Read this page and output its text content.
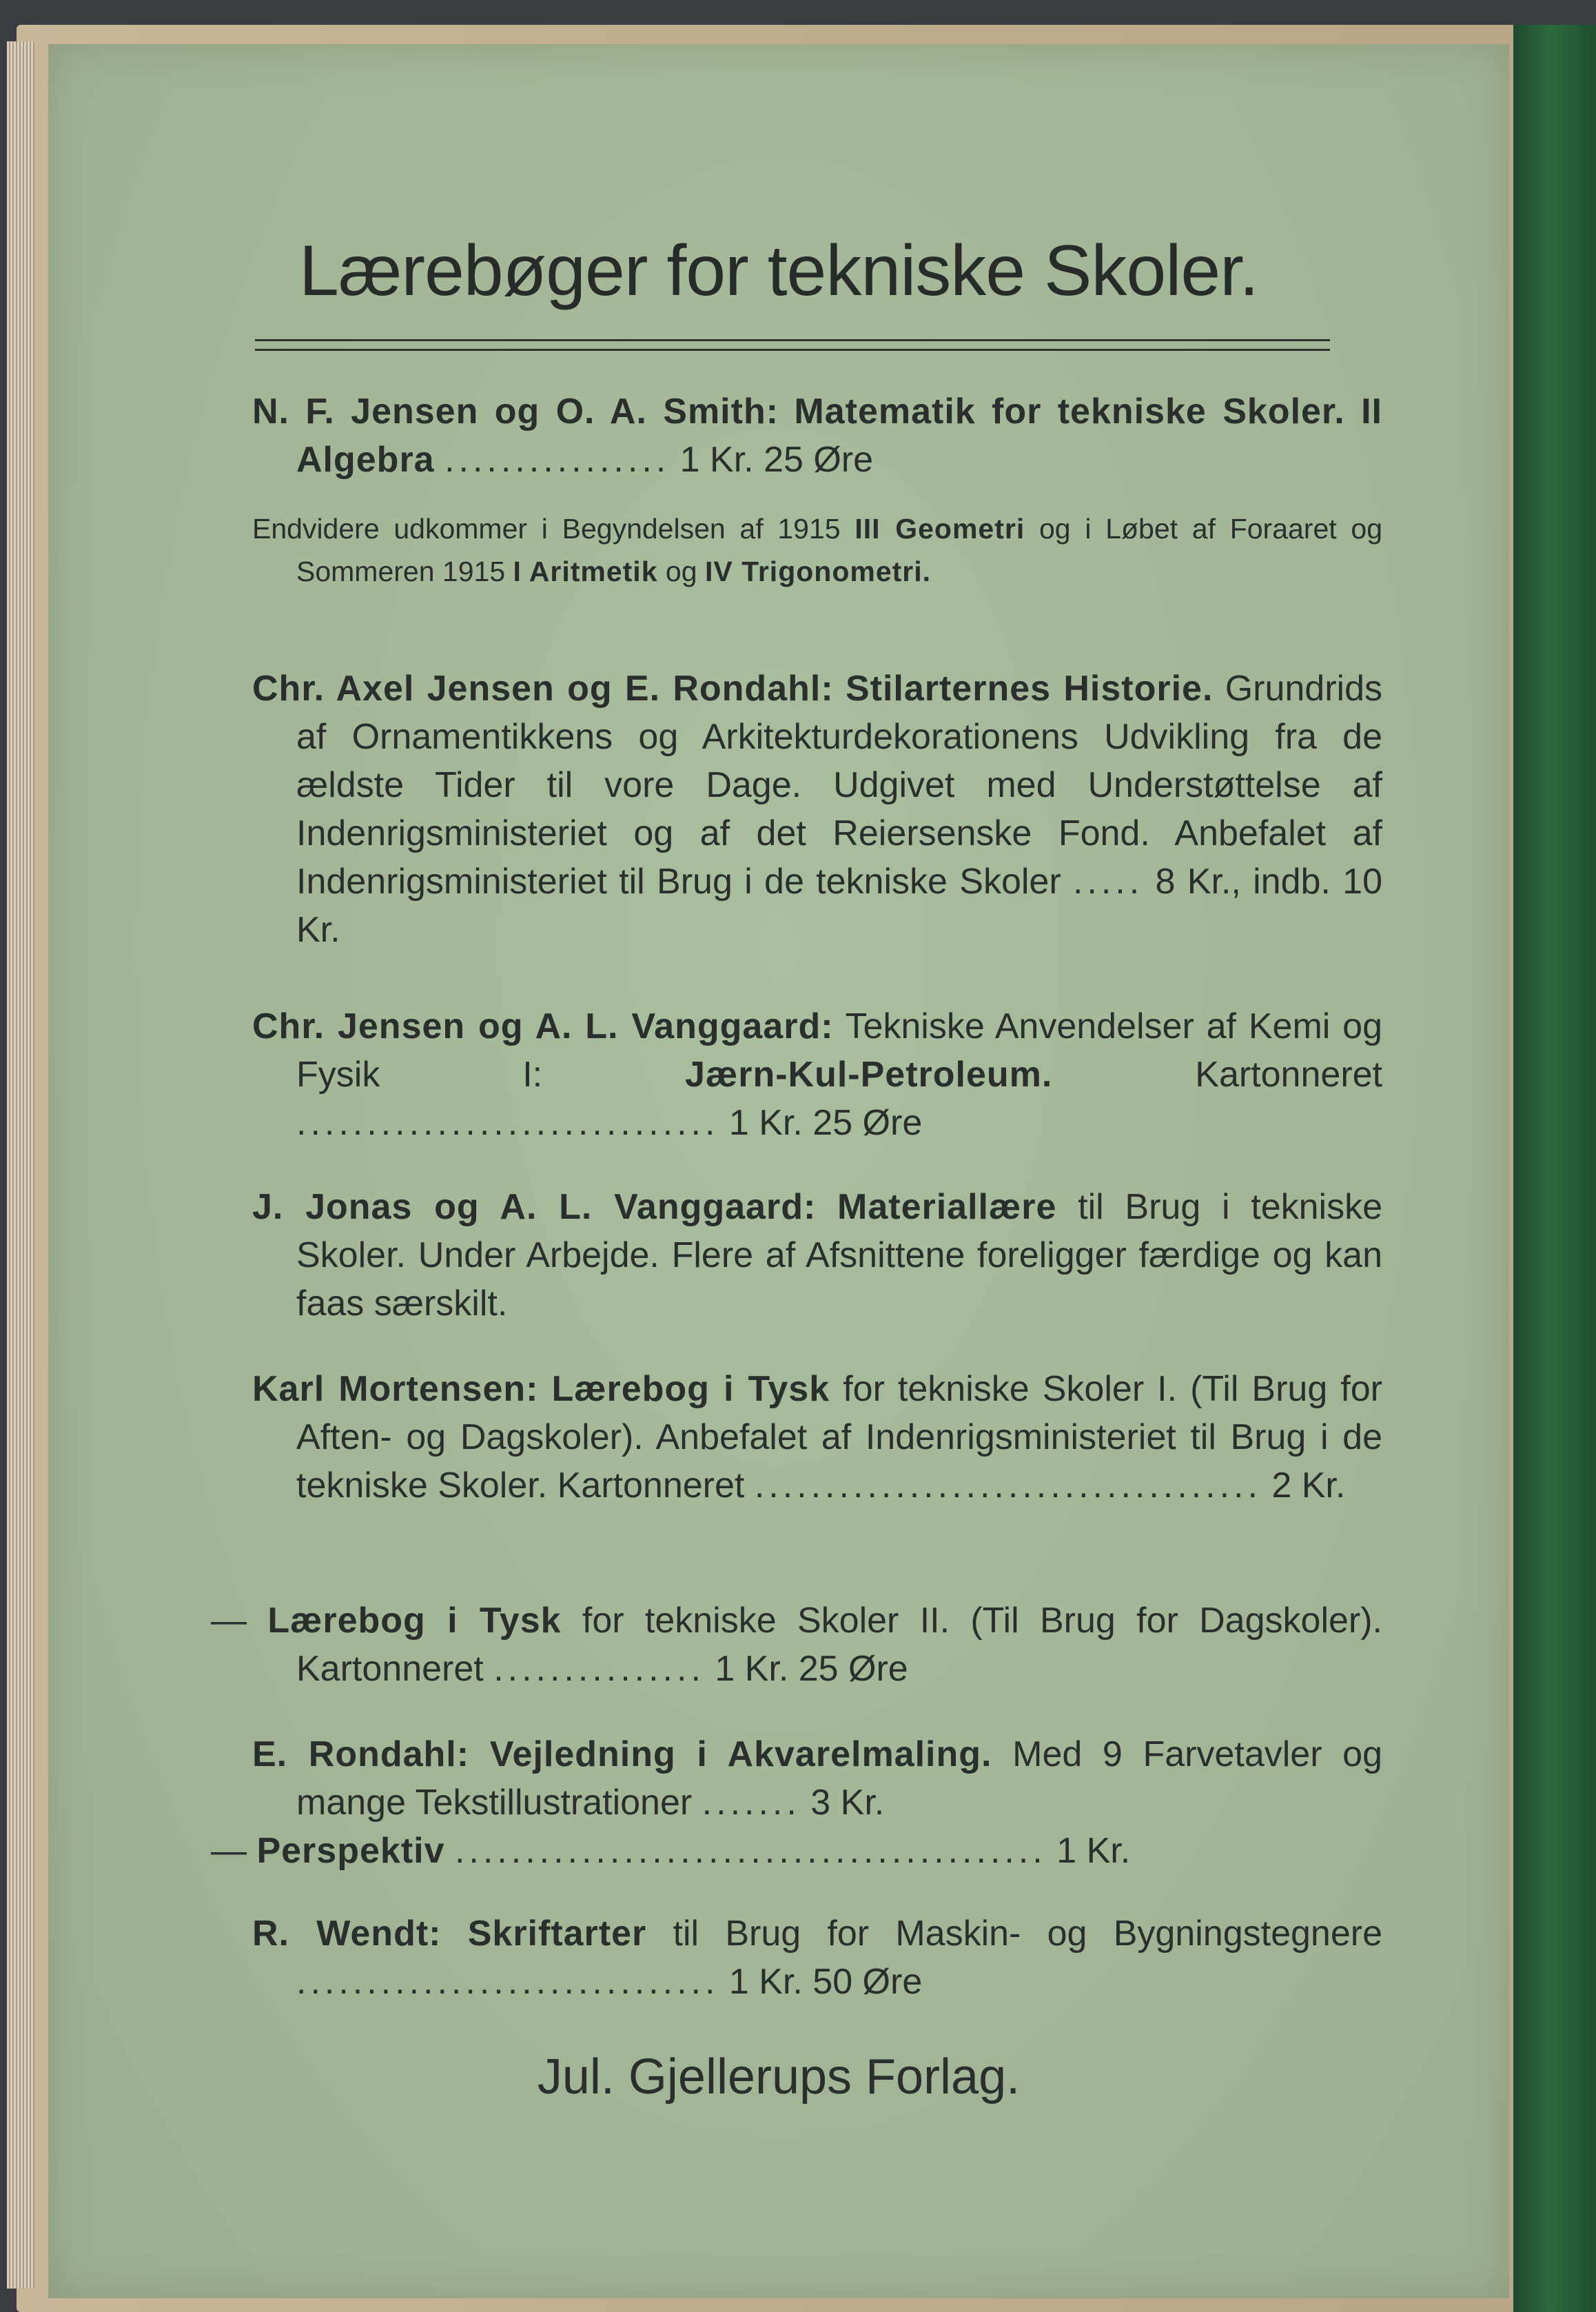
Lærebøger for tekniske Skoler.
N. F. Jensen og O. A. Smith: Matematik for tekniske Skoler. II Algebra ................ 1 Kr. 25 Øre
Endvidere udkommer i Begyndelsen af 1915 III Geometri og i Løbet af Foraaret og Sommeren 1915 I Aritmetik og IV Trigonometri.
Chr. Axel Jensen og E. Rondahl: Stilarternes Historie. Grundrids af Ornamentikkens og Arkitekturdekorationens Udvikling fra de ældste Tider til vore Dage. Udgivet med Understøttelse af Indenrigsministeriet og af det Reiersenske Fond. Anbefalet af Indenrigsministeriet til Brug i de tekniske Skoler ..... 8 Kr., indb. 10 Kr.
Chr. Jensen og A. L. Vanggaard: Tekniske Anvendelser af Kemi og Fysik I:	Jærn-Kul-Petroleum.	Kartonneret .............................. 1 Kr. 25 Øre
J. Jonas og A. L. Vanggaard: Materiallære til Brug i tekniske Skoler. Under Arbejde. Flere af Afsnittene foreligger færdige og kan faas særskilt.
Karl Mortensen: Lærebog i Tysk for tekniske Skoler I. (Til Brug for Aften- og Dagskoler). Anbefalet af Indenrigsministeriet til Brug i de tekniske Skoler. Kartonneret .................................... 2 Kr.
— Lærebog i Tysk for tekniske Skoler II. (Til Brug for Dagskoler). Kartonneret ............... 1 Kr. 25 Øre
E. Rondahl: Vejledning i Akvarelmaling. Med 9 Farvetavler og mange Tekstillustrationer ....... 3 Kr.
— Perspektiv .......................................... 1 Kr.
R. Wendt: Skriftarter til Brug for Maskin- og Bygningstegnere .............................. 1 Kr. 50 Øre
Jul. Gjellerups Forlag.
